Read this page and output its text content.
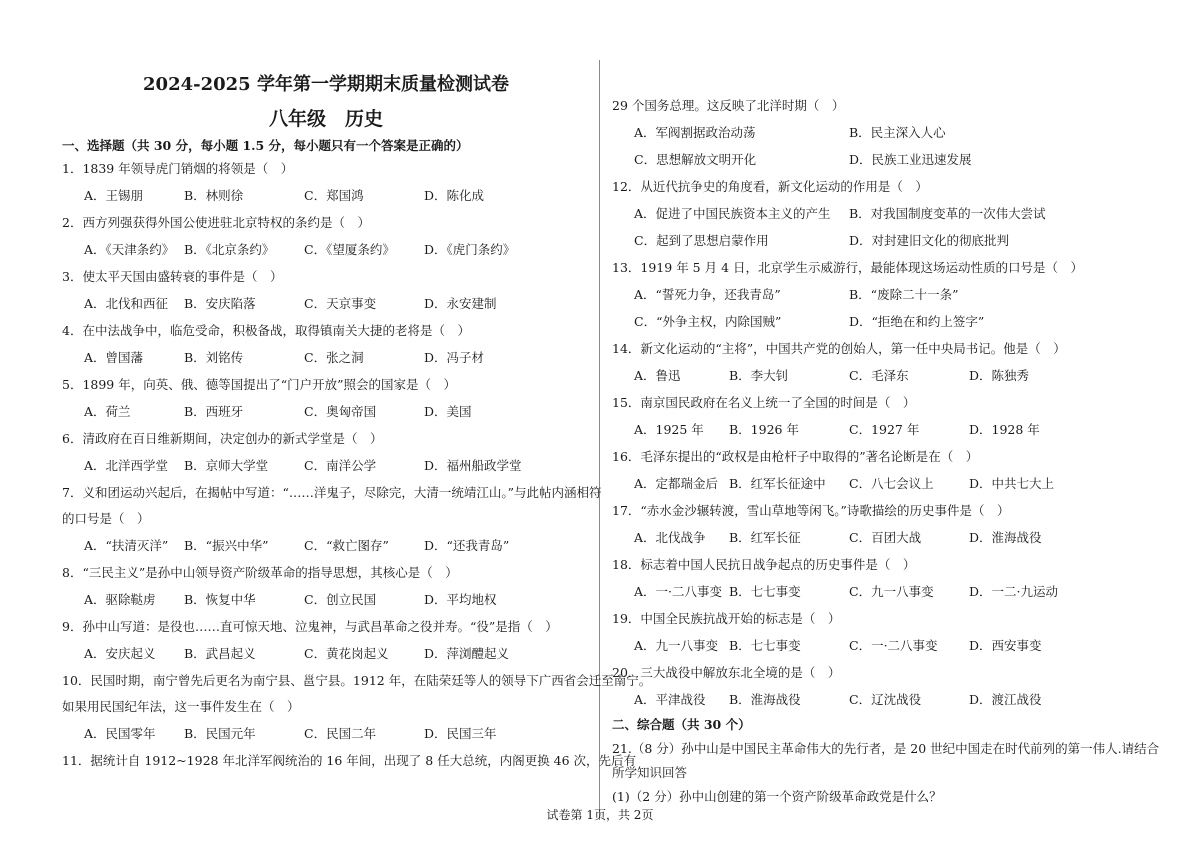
2024-2025 学年第一学期期末质量检测试卷
八年级　历史
一、选择题（共 30 分，每小题 1.5 分，每小题只有一个答案是正确的）
1．1839 年领导虎门销烟的将领是（　）
A．王锡朋	B．林则徐	C．郑国鸿	D．陈化成
2．西方列强获得外国公使进驻北京特权的条约是（　）
A．《天津条约》 B．《北京条约》 C．《望厦条约》 D．《虎门条约》
3．使太平天国由盛转衰的事件是（　）
A．北伐和西征 B．安庆陷落	C．天京事变	D．永安建制
4．在中法战争中，临危受命，积极备战，取得镇南关大捷的老将是（　）
A．曾国藩	B．刘铭传	C．张之洞	D．冯子材
5．1899 年，向英、俄、德等国提出了“门户开放”照会的国家是（　）
A．荷兰	B．西班牙	C．奥匈帝国	D．美国
6．清政府在百日维新期间，决定创办的新式学堂是（　）
A．北洋西学堂 B．京师大学堂	C．南洋公学	D．福州船政学堂
7．义和团运动兴起后，在揭帖中写道：“……洋鬼子，尽除完，大清一统靖江山。”与此帖内涵相符
的口号是（　）
A．“扶清灭洋” B．“振兴中华”	C．“救亡图存”	D．“还我青岛”
8．“三民主义”是孙中山领导资产阶级革命的指导思想，其核心是（　）
A．驱除鞑虏 B．恢复中华	C．创立民国	D．平均地权
9．孙中山写道：是役也……直可惊天地、泣鬼神，与武昌革命之役并寿。“役”是指（　）
A．安庆起义 B．武昌起义	C．黄花岗起义	D．萍浏醴起义
10．民国时期，南宁曾先后更名为南宁县、邕宁县。1912 年，在陆荣廷等人的领导下广西省会迁至南宁。
如果用民国纪年法，这一事件发生在（　）
A．民国零年 B．民国元年	C．民国二年	D．民国三年
11．据统计自 1912~1928 年北洋军阀统治的 16 年间，出现了 8 任大总统，内阁更换 46 次，先后有
29 个国务总理。这反映了北洋时期（　）
A．军阀割据政治动荡	B．民主深入人心
C．思想解放文明开化	D．民族工业迅速发展
12．从近代抗争史的角度看，新文化运动的作用是（　）
A．促进了中国民族资本主义的产生 B．对我国制度变革的一次伟大尝试
C．起到了思想启蒙作用	D．对封建旧文化的彻底批判
13．1919 年 5 月 4 日，北京学生示威游行，最能体现这场运动性质的口号是（　）
A．“誓死力争，还我青岛”	B．“废除二十一条”
C．“外争主权，内除国贼”	D．“拒绝在和约上签字”
14．新文化运动的“主将”，中国共产党的创始人，第一任中央局书记。他是（　）
A．鲁迅	B．李大钊	C．毛泽东	D．陈独秀
15．南京国民政府在名义上统一了全国的时间是（　）
A．1925 年 B．1926 年	C．1927 年	D．1928 年
16．毛泽东提出的“政权是由枪杆子中取得的”著名论断是在（　）
A．定都瑞金后 B．红军长征途中 C．八七会议上	D．中共七大上
17．“赤水金沙辗转渡，雪山草地等闲飞。”诗歌描绘的历史事件是（　）
A．北伐战争 B．红军长征	C．百团大战	D．淮海战役
18．标志着中国人民抗日战争起点的历史事件是（　）
A．一·二八事变 B．七七事变	C．九一八事变	D．一二·九运动
19．中国全民族抗战开始的标志是（　）
A．九一八事变 B．七七事变	C．一·二八事变	D．西安事变
20．三大战役中解放东北全境的是（　）
A．平津战役 B．淮海战役	C．辽沈战役	D．渡江战役
二、综合题（共 30 个）
21.（8 分）孙中山是中国民主革命伟大的先行者，是 20 世纪中国走在时代前列的第一伟人.请结合
所学知识回答
(1)（2 分）孙中山创建的第一个资产阶级革命政党是什么？
试卷第 1页，共 2页
